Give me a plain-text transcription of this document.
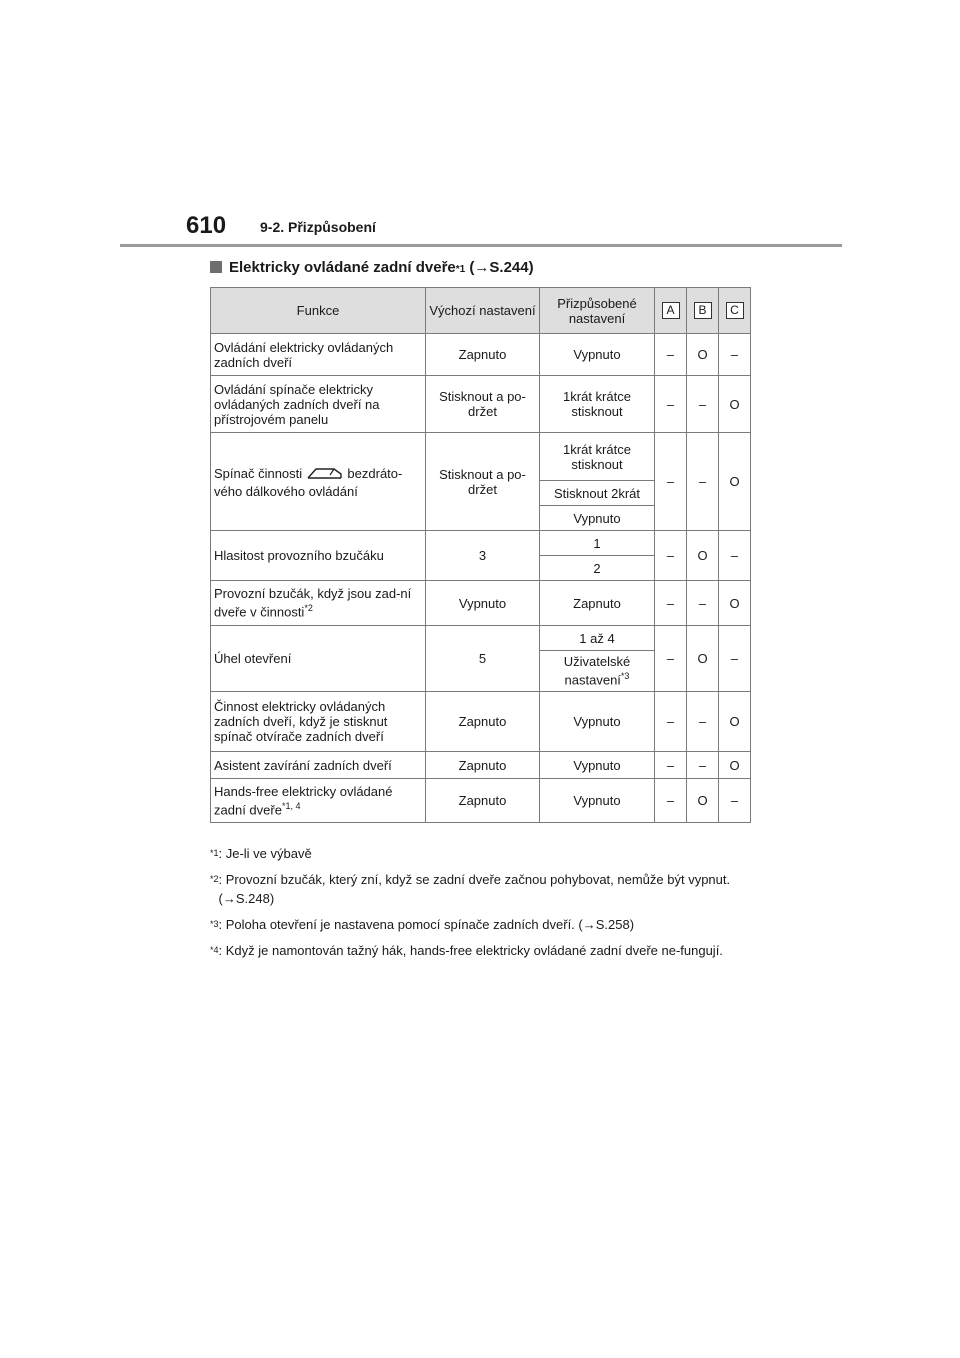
610 9-2. Přizpůsobení
Elektricky ovládané zadní dveře *1
( → S.244 )
Funkce	Výchozí nastavení	Přizpůsobené nastavení	A	B	C
Ovládání elektricky ovládaných zadních dveří	Zapnuto	Vypnuto	–	O	–
Ovládání spínače elektricky ovládaných zadních dveří na přístrojovém panelu	Stisknout a po-držet	1krát krátce stisknout	–	–	O
Spínač činnosti bezdráto-vého dálkového ovládání	Stisknout a po-držet	1krát krátce stisknout	–	–	O
		Stisknout 2krát			
		Vypnuto			
Hlasitost provozního bzučáku	3	1	–	O	–
		2			
Provozní bzučák, když jsou zad-ní dveře v činnosti$^{*2}$	Vypnuto	Zapnuto	–	–	O
Úhel otevření	5	1 až 4	–	O	–
		Uživatelské nastavení$^{*3}$
Činnost elektricky ovládaných zadních dveří, když je stisknut spínač otvírače zadních dveří	Zapnuto	Vypnuto	–	–	O
Asistent zavírání zadních dveří	Zapnuto	Vypnuto	–	–	O
Hands-free elektricky ovládané zadní dveře$^{*1, 4}$	Zapnuto	Vypnuto	–	O	–
*1 : Je-li ve výbavě
*2 : Provozní bzučák, který zní, když se zadní dveře začnou pohybovat, nemůže být vypnut. (→S.248)
*3 : Poloha otevření je nastavena pomocí spínače zadních dveří. (→S.258)
*4 : Když je namontován tažný hák, hands-free elektricky ovládané zadní dveře ne-fungují.
